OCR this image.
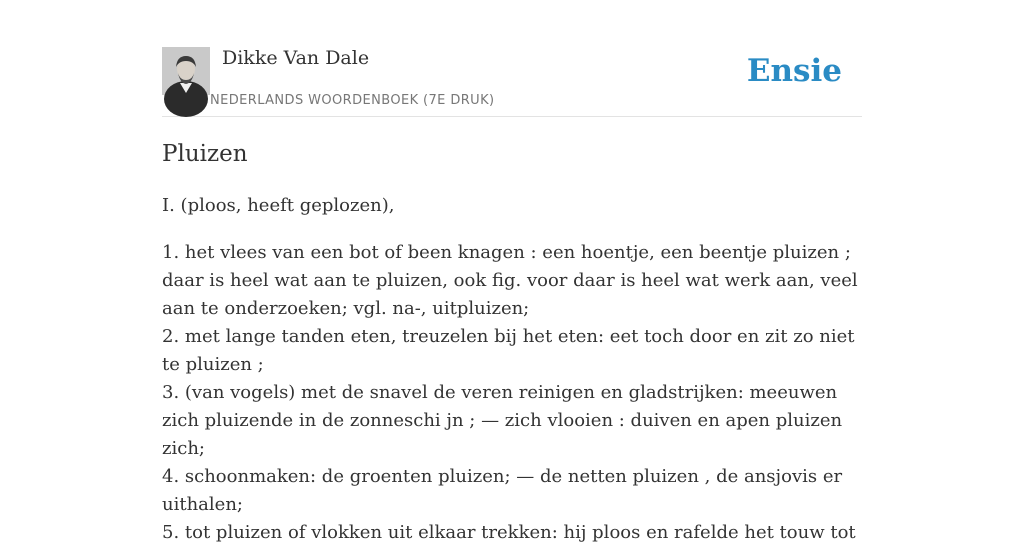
Dikke Van Dale
NEDERLANDS WOORDENBOEK (7E DRUK)
Ensie
Pluizen

I. (ploos, heeft geplozen),

1. het vlees van een bot of been knagen : een hoentje, een beentje pluizen ; daar is heel wat aan te pluizen, ook fig. voor daar is heel wat werk aan, veel aan te onderzoeken; vgl. na-, uitpluizen;

2. met lange tanden eten, treuzelen bij het eten: eet toch door en zit zo niet te pluizen ;

3. (van vogels) met de snavel de veren reinigen en gladstrijken: meeuwen zich pluizende in de zonneschi jn ; — zich vlooien : duiven en apen pluizen zich;

4. schoonmaken: de groenten pluizen; — de netten pluizen , de ansjovis er uithalen;

5. tot pluizen of vlokken uit elkaar trekken: hij ploos en rafelde het touw tot
